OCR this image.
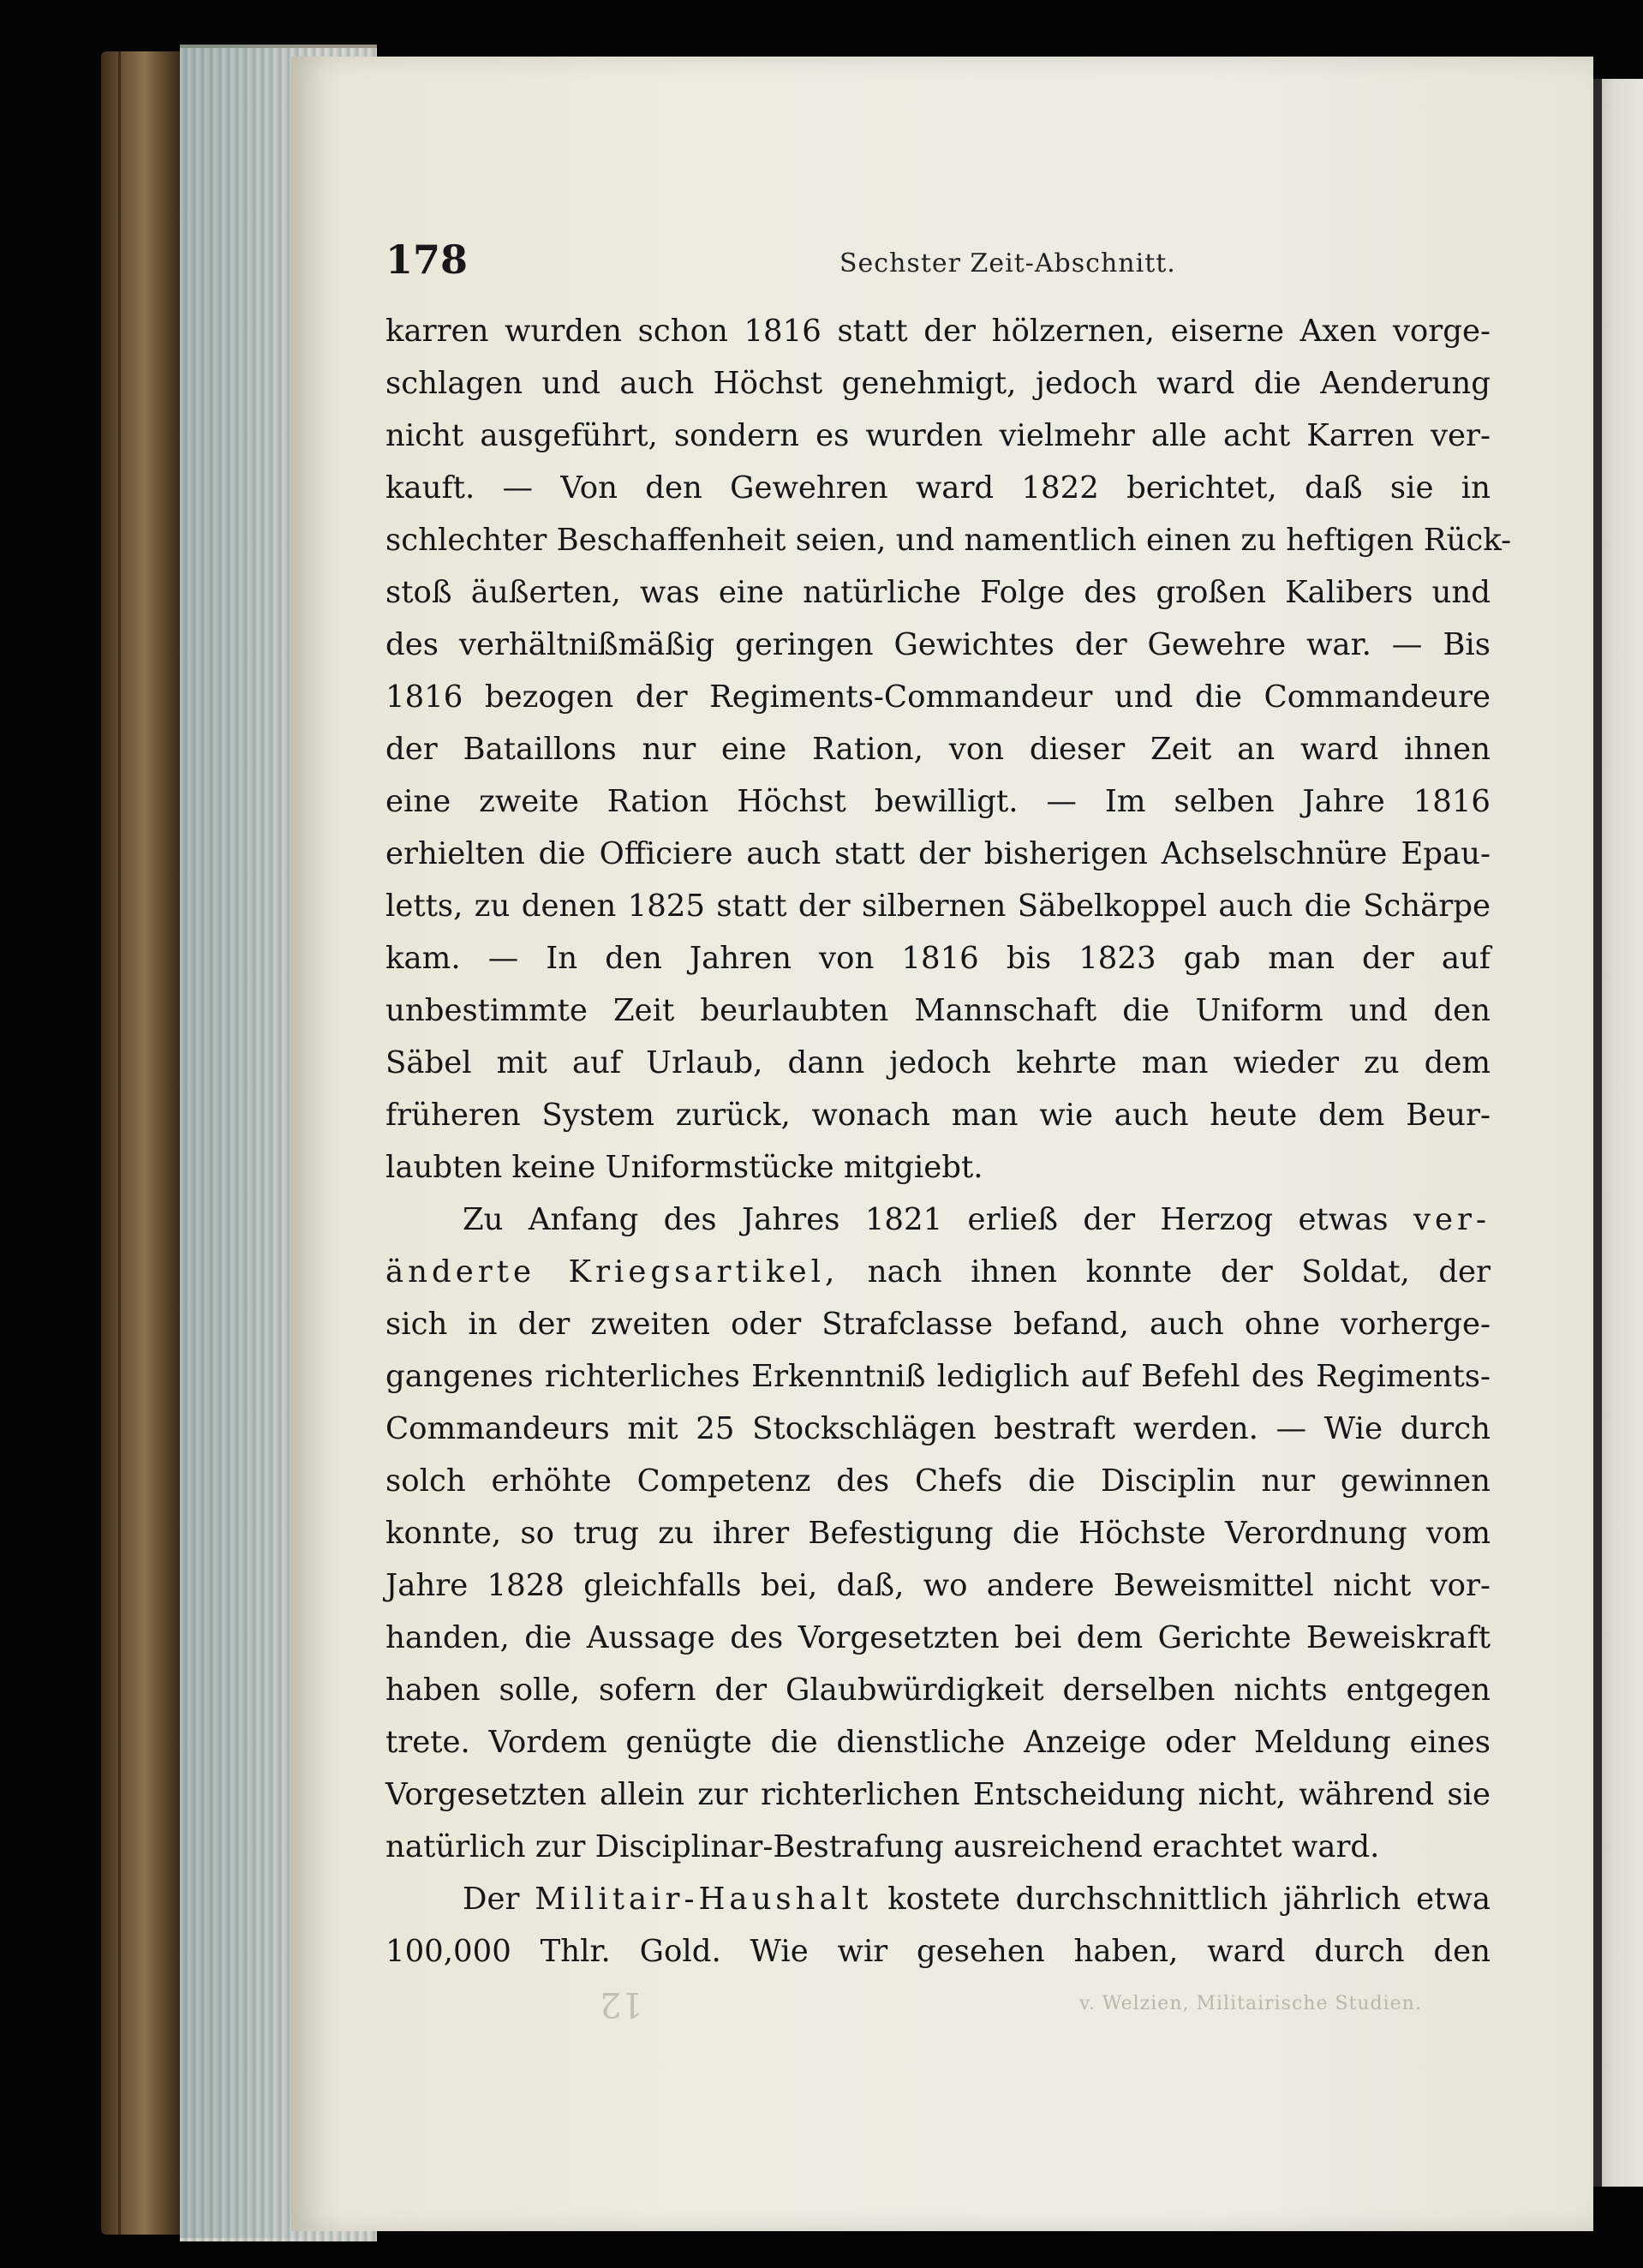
178	Sechster Zeit-Abschnitt.
karren wurden schon 1816 statt der hölzernen, eiserne Axen vorge-
schlagen und auch Höchst genehmigt, jedoch ward die Aenderung
nicht ausgeführt, sondern es wurden vielmehr alle acht Karren ver-
kauft. — Von den Gewehren ward 1822 berichtet, daß sie in
schlechter Beschaffenheit seien, und namentlich einen zu heftigen Rück-
stoß äußerten, was eine natürliche Folge des großen Kalibers und
des verhältnißmäßig geringen Gewichtes der Gewehre war. — Bis
1816 bezogen der Regiments-Commandeur und die Commandeure
der Bataillons nur eine Ration, von dieser Zeit an ward ihnen
eine zweite Ration Höchst bewilligt. — Im selben Jahre 1816
erhielten die Officiere auch statt der bisherigen Achselschnüre Epau-
letts, zu denen 1825 statt der silbernen Säbelkoppel auch die Schärpe
kam. — In den Jahren von 1816 bis 1823 gab man der auf
unbestimmte Zeit beurlaubten Mannschaft die Uniform und den
Säbel mit auf Urlaub, dann jedoch kehrte man wieder zu dem
früheren System zurück, wonach man wie auch heute dem Beur-
laubten keine Uniformstücke mitgiebt.
Zu Anfang des Jahres 1821 erließ der Herzog etwas ver-
änderte Kriegsartikel, nach ihnen konnte der Soldat, der
sich in der zweiten oder Strafclasse befand, auch ohne vorherge-
gangenes richterliches Erkenntniß lediglich auf Befehl des Regiments-
Commandeurs mit 25 Stockschlägen bestraft werden. — Wie durch
solch erhöhte Competenz des Chefs die Disciplin nur gewinnen
konnte, so trug zu ihrer Befestigung die Höchste Verordnung vom
Jahre 1828 gleichfalls bei, daß, wo andere Beweismittel nicht vor-
handen, die Aussage des Vorgesetzten bei dem Gerichte Beweiskraft
haben solle, sofern der Glaubwürdigkeit derselben nichts entgegen
trete. Vordem genügte die dienstliche Anzeige oder Meldung eines
Vorgesetzten allein zur richterlichen Entscheidung nicht, während sie
natürlich zur Disciplinar-Bestrafung ausreichend erachtet ward.
Der Militair-Haushalt kostete durchschnittlich jährlich etwa
100,000 Thlr. Gold. Wie wir gesehen haben, ward durch den
12	v. Welzien, Militairische Studien.
